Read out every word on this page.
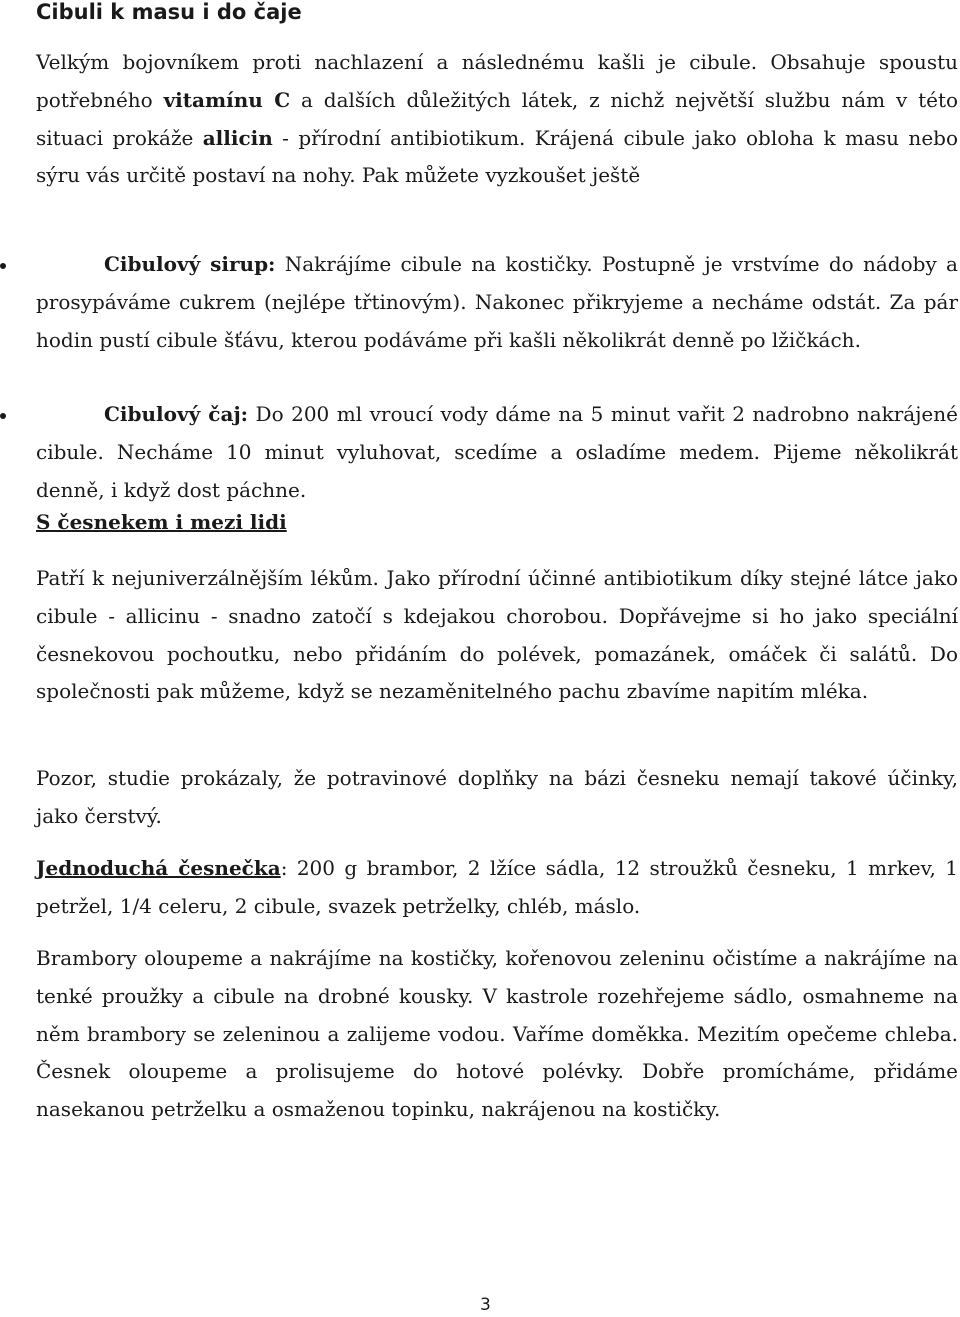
Cibuli k masu i do čaje

Velkým bojovníkem proti nachlazení a následnému kašli je cibule. Obsahuje spoustu potřebného vitamínu C a dalších důležitých látek, z nichž největší službu nám v této situaci prokáže allicin - přírodní antibiotikum. Krájená cibule jako obloha k masu nebo sýru vás určitě postaví na nohy. Pak můžete vyzkoušet ještě

Cibulový sirup: Nakrájíme cibule na kostičky. Postupně je vrstvíme do nádoby a prosypáváme cukrem (nejlépe třtinovým). Nakonec přikryjeme a necháme odstát. Za pár hodin pustí cibule šťávu, kterou podáváme při kašli několikrát denně po lžičkách.

Cibulový čaj: Do 200 ml vroucí vody dáme na 5 minut vařit 2 nadrobno nakrájené cibule. Necháme 10 minut vyluhovat, scedíme a osladíme medem. Pijeme několikrát denně, i když dost páchne.

S česnekem i mezi lidi

Patří k nejuniverzálnějším lékům. Jako přírodní účinné antibiotikum díky stejné látce jako cibule - allicinu - snadno zatočí s kdejakou chorobou. Dopřávejme si ho jako speciální česnekovou pochoutku, nebo přidáním do polévek, pomazánek, omáček či salátů. Do společnosti pak můžeme, když se nezaměnitelného pachu zbavíme napitím mléka.

Pozor, studie prokázaly, že potravinové doplňky na bázi česneku nemají takové účinky, jako čerstvý.

Jednoduchá česnečka: 200 g brambor, 2 lžíce sádla, 12 stroužků česneku, 1 mrkev, 1 petržel, 1/4 celeru, 2 cibule, svazek petrželky, chléb, máslo.

Brambory oloupeme a nakrájíme na kostičky, kořenovou zeleninu očistíme a nakrájíme na tenké proužky a cibule na drobné kousky. V kastrole rozehřejeme sádlo, osmahneme na něm brambory se zeleninou a zalijeme vodou. Vaříme doměkka. Mezitím opečeme chleba. Česnek oloupeme a prolisujeme do hotové polévky. Dobře promícháme, přidáme nasekanou petrželku a osmaženou topinku, nakrájenou na kostičky.

3
